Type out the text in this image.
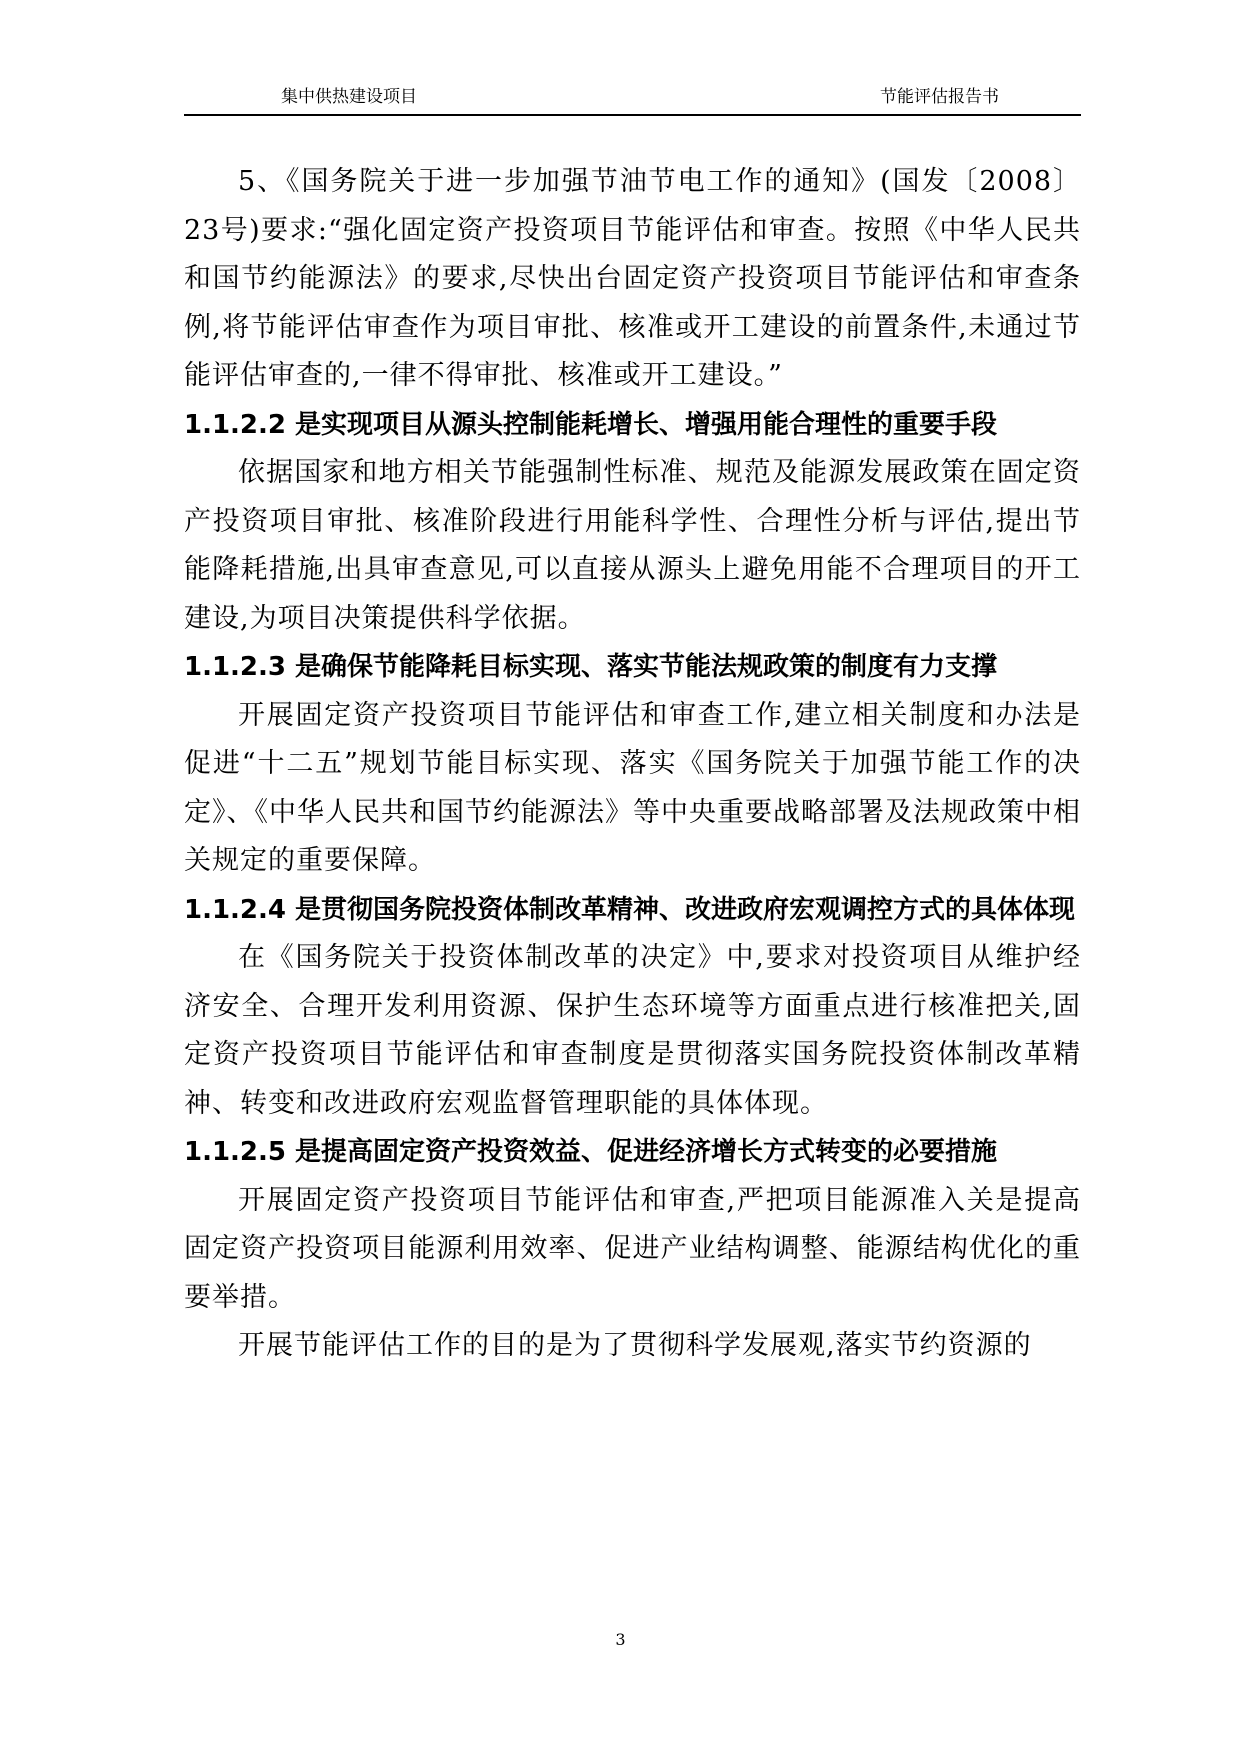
集中供热建设项目	节能评估报告书

5、《国务院关于进一步加强节油节电工作的通知》(国发〔2008〕23号)要求:“强化固定资产投资项目节能评估和审查。按照《中华人民共和国节约能源法》的要求,尽快出台固定资产投资项目节能评估和审查条例,将节能评估审查作为项目审批、核准或开工建设的前置条件,未通过节能评估审查的,一律不得审批、核准或开工建设。”

1.1.2.2 是实现项目从源头控制能耗增长、增强用能合理性的重要手段

依据国家和地方相关节能强制性标准、规范及能源发展政策在固定资产投资项目审批、核准阶段进行用能科学性、合理性分析与评估,提出节能降耗措施,出具审查意见,可以直接从源头上避免用能不合理项目的开工建设,为项目决策提供科学依据。

1.1.2.3 是确保节能降耗目标实现、落实节能法规政策的制度有力支撑

开展固定资产投资项目节能评估和审查工作,建立相关制度和办法是促进“十二五”规划节能目标实现、落实《国务院关于加强节能工作的决定》、《中华人民共和国节约能源法》等中央重要战略部署及法规政策中相关规定的重要保障。

1.1.2.4 是贯彻国务院投资体制改革精神、改进政府宏观调控方式的具体体现

在《国务院关于投资体制改革的决定》中,要求对投资项目从维护经济安全、合理开发利用资源、保护生态环境等方面重点进行核准把关,固定资产投资项目节能评估和审查制度是贯彻落实国务院投资体制改革精神、转变和改进政府宏观监督管理职能的具体体现。

1.1.2.5 是提高固定资产投资效益、促进经济增长方式转变的必要措施

开展固定资产投资项目节能评估和审查,严把项目能源准入关是提高固定资产投资项目能源利用效率、促进产业结构调整、能源结构优化的重要举措。

开展节能评估工作的目的是为了贯彻科学发展观,落实节约资源的

3
